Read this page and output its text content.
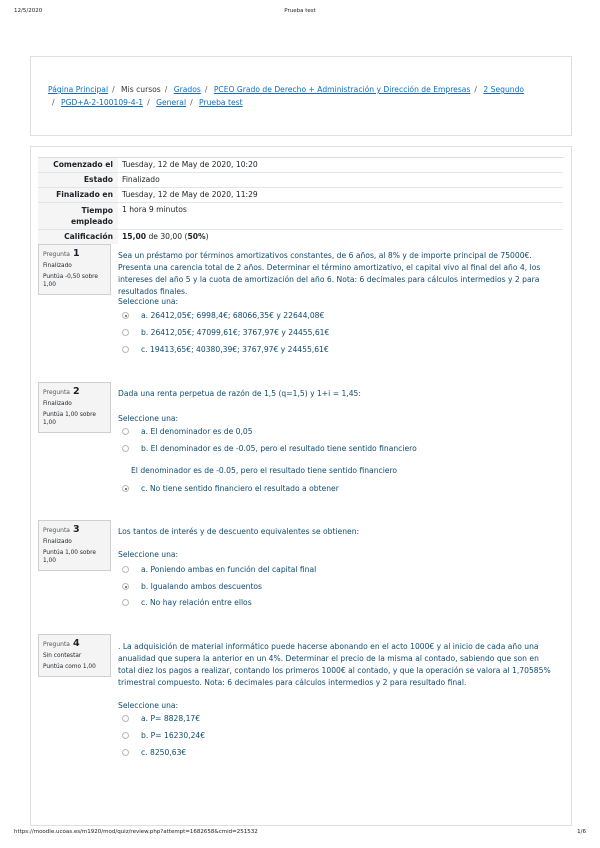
12/5/2020	Prueba test
Página Principal / Mis cursos / Grados / PCEO Grado de Derecho + Administración y Dirección de Empresas / 2 Segundo
/ PGD+A-2-100109-4-1 / General / Prueba test
Comenzado el	Tuesday, 12 de May de 2020, 10:20
Estado	Finalizado
Finalizado en	Tuesday, 12 de May de 2020, 11:29
Tiempo empleado	1 hora 9 minutos
Calificación	15,00 de 30,00 (50%)
Pregunta 1
Finalizado
Puntúa -0,50 sobre 1,00
Sea un préstamo por términos amortizativos constantes, de 6 años, al 8% y de importe principal de 75000€. Presenta una carencia total de 2 años. Determinar el término amortizativo, el capital vivo al final del año 4, los intereses del año 5 y la cuota de amortización del año 6. Nota: 6 decimales para cálculos intermedios y 2 para resultados finales.
Seleccione una:
a. 26412,05€; 6998,4€; 68066,35€ y 22644,08€
b. 26412,05€; 47099,61€; 3767,97€ y 24455,61€
c. 19413,65€; 40380,39€; 3767,97€ y 24455,61€
Pregunta 2
Finalizado
Puntúa 1,00 sobre 1,00
Dada una renta perpetua de razón de 1,5 (q=1,5) y 1+i = 1,45:
Seleccione una:
a. El denominador es de 0,05
b. El denominador es de -0.05, pero el resultado tiene sentido financiero
El denominador es de -0.05, pero el resultado tiene sentido financiero
c. No tiene sentido financiero el resultado a obtener
Pregunta 3
Finalizado
Puntúa 1,00 sobre 1,00
Los tantos de interés y de descuento equivalentes se obtienen:
Seleccione una:
a. Poniendo ambas en función del capital final
b. Igualando ambos descuentos
c. No hay relación entre ellos
Pregunta 4
Sin contestar
Puntúa como 1,00
. La adquisición de material informático puede hacerse abonando en el acto 1000€ y al inicio de cada año una anualidad que supera la anterior en un 4%. Determinar el precio de la misma al contado, sabiendo que son en total diez los pagos a realizar, contando los primeros 1000€ al contado, y que la operación se valora al 1,70585% trimestral compuesto. Nota: 6 decimales para cálculos intermedios y 2 para resultado final.
Seleccione una:
a. P= 8828,17€
b. P= 16230,24€
c. 8250,63€
https://moodle.ucoas.es/m1920/mod/quiz/review.php?attempt=1682658&cmid=251532	1/6
